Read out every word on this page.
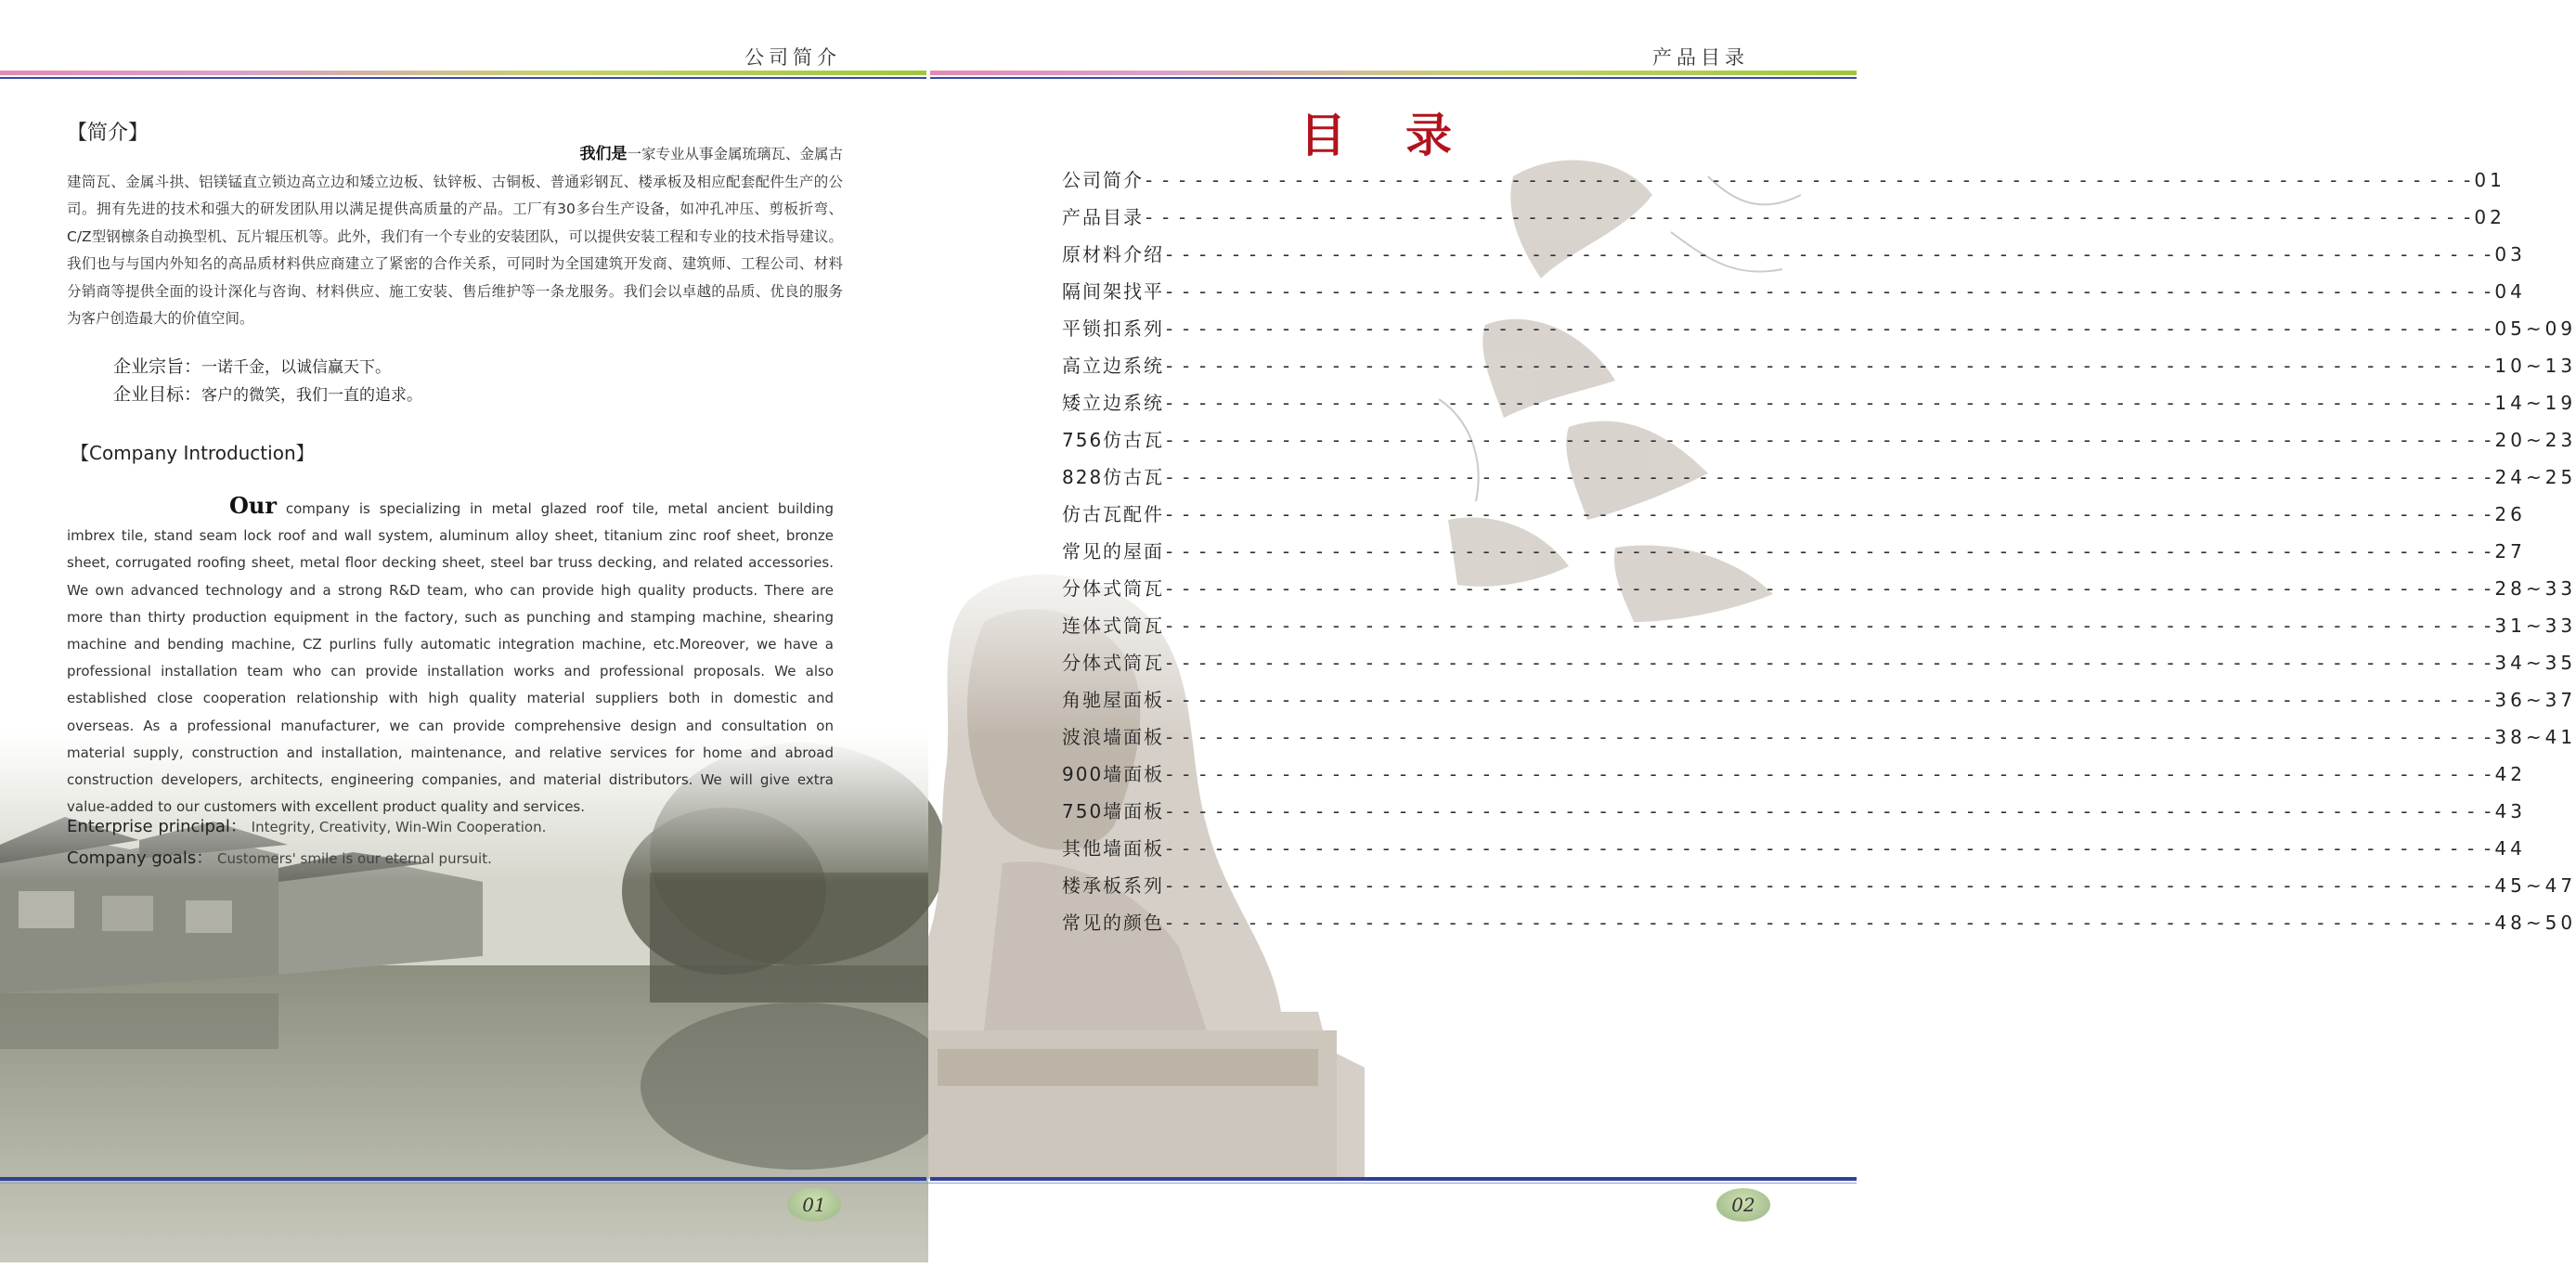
公司简介	产品目录
【简介】

我们是一家专业从事金属琉璃瓦、金属古
建筒瓦、金属斗拱、铝镁锰直立锁边高立边和矮立边板、钛锌板、古铜板、普通彩钢瓦、楼承板及相应配套配件生产的公司。拥有先进的技术和强大的研发团队用以满足提供高质量的产品。工厂有30多台生产设备，如冲孔冲压、剪板折弯、C/Z型钢檩条自动换型机、瓦片辊压机等。此外，我们有一个专业的安装团队，可以提供安装工程和专业的技术指导建议。我们也与与国内外知名的高品质材料供应商建立了紧密的合作关系，可同时为全国建筑开发商、建筑师、工程公司、材料分销商等提供全面的设计深化与咨询、材料供应、施工安装、售后维护等一条龙服务。我们会以卓越的品质、优良的服务为客户创造最大的价值空间。

企业宗旨：一诺千金，以诚信赢天下。
企业目标：客户的微笑，我们一直的追求。
【Company Introduction】

Our company is specializing in metal glazed roof tile, metal ancient building imbrex tile, stand seam lock roof and wall system, aluminum alloy sheet, titanium zinc roof sheet, bronze sheet, corrugated roofing sheet, metal floor decking sheet, steel bar truss decking, and related accessories. We own advanced technology and a strong R&D team, who can provide high quality products. There are more than thirty production equipment in the factory, such as punching and stamping machine, shearing machine and bending machine, CZ purlins fully automatic integration machine, etc.Moreover, we have a professional installation team who can provide installation works and professional proposals. We also established close cooperation relationship with high quality material suppliers both in domestic and overseas. As a professional manufacturer, we can provide comprehensive design and consultation on material supply, construction and installation, maintenance, and relative services for home and abroad construction developers, architects, engineering companies, and material distributors. We will give extra value-added to our customers with excellent product quality and services.

Enterprise principal： Integrity, Creativity, Win-Win Cooperation.
Company goals： Customers' smile is our eternal pursuit.
目录
公司简介 - - - - - - - - - - - - - - - - - - - - - - - - - - - - - - - - - - - - - - - - - - - - - - - - - - - - - - - - - - - - - - - - - - - - - - - - - - - - - - - - 01
产品目录 - - - - - - - - - - - - - - - - - - - - - - - - - - - - - - - - - - - - - - - - - - - - - - - - - - - - - - - - - - - - - - - - - - - - - - - - - - - - - - - - 02
原材料介绍 - - - - - - - - - - - - - - - - - - - - - - - - - - - - - - - - - - - - - - - - - - - - - - - - - - - - - - - - - - - - - - - - - - - - - - - - - - - - - - - - 03
隔间架找平 - - - - - - - - - - - - - - - - - - - - - - - - - - - - - - - - - - - - - - - - - - - - - - - - - - - - - - - - - - - - - - - - - - - - - - - - - - - - - - - - 04
平锁扣系列 - - - - - - - - - - - - - - - - - - - - - - - - - - - - - - - - - - - - - - - - - - - - - - - - - - - - - - - - - - - - - - - - - - - - - - - - - - - - - - - - 05~09
高立边系统 - - - - - - - - - - - - - - - - - - - - - - - - - - - - - - - - - - - - - - - - - - - - - - - - - - - - - - - - - - - - - - - - - - - - - - - - - - - - - - - - 10~13
矮立边系统 - - - - - - - - - - - - - - - - - - - - - - - - - - - - - - - - - - - - - - - - - - - - - - - - - - - - - - - - - - - - - - - - - - - - - - - - - - - - - - - - 14~19
756仿古瓦 - - - - - - - - - - - - - - - - - - - - - - - - - - - - - - - - - - - - - - - - - - - - - - - - - - - - - - - - - - - - - - - - - - - - - - - - - - - - - - - - 20~23
828仿古瓦 - - - - - - - - - - - - - - - - - - - - - - - - - - - - - - - - - - - - - - - - - - - - - - - - - - - - - - - - - - - - - - - - - - - - - - - - - - - - - - - - 24~25
仿古瓦配件 - - - - - - - - - - - - - - - - - - - - - - - - - - - - - - - - - - - - - - - - - - - - - - - - - - - - - - - - - - - - - - - - - - - - - - - - - - - - - - - - 26
常见的屋面 - - - - - - - - - - - - - - - - - - - - - - - - - - - - - - - - - - - - - - - - - - - - - - - - - - - - - - - - - - - - - - - - - - - - - - - - - - - - - - - - 27
分体式筒瓦 - - - - - - - - - - - - - - - - - - - - - - - - - - - - - - - - - - - - - - - - - - - - - - - - - - - - - - - - - - - - - - - - - - - - - - - - - - - - - - - - 28~33
连体式筒瓦 - - - - - - - - - - - - - - - - - - - - - - - - - - - - - - - - - - - - - - - - - - - - - - - - - - - - - - - - - - - - - - - - - - - - - - - - - - - - - - - - 31~33
分体式筒瓦 - - - - - - - - - - - - - - - - - - - - - - - - - - - - - - - - - - - - - - - - - - - - - - - - - - - - - - - - - - - - - - - - - - - - - - - - - - - - - - - - 34~35
角驰屋面板 - - - - - - - - - - - - - - - - - - - - - - - - - - - - - - - - - - - - - - - - - - - - - - - - - - - - - - - - - - - - - - - - - - - - - - - - - - - - - - - - 36~37
波浪墙面板 - - - - - - - - - - - - - - - - - - - - - - - - - - - - - - - - - - - - - - - - - - - - - - - - - - - - - - - - - - - - - - - - - - - - - - - - - - - - - - - - 38~41
900墙面板 - - - - - - - - - - - - - - - - - - - - - - - - - - - - - - - - - - - - - - - - - - - - - - - - - - - - - - - - - - - - - - - - - - - - - - - - - - - - - - - - 42
750墙面板 - - - - - - - - - - - - - - - - - - - - - - - - - - - - - - - - - - - - - - - - - - - - - - - - - - - - - - - - - - - - - - - - - - - - - - - - - - - - - - - - 43
其他墙面板 - - - - - - - - - - - - - - - - - - - - - - - - - - - - - - - - - - - - - - - - - - - - - - - - - - - - - - - - - - - - - - - - - - - - - - - - - - - - - - - - 44
楼承板系列 - - - - - - - - - - - - - - - - - - - - - - - - - - - - - - - - - - - - - - - - - - - - - - - - - - - - - - - - - - - - - - - - - - - - - - - - - - - - - - - - 45~47
常见的颜色 - - - - - - - - - - - - - - - - - - - - - - - - - - - - - - - - - - - - - - - - - - - - - - - - - - - - - - - - - - - - - - - - - - - - - - - - - - - - - - - - 48~50
01	02
